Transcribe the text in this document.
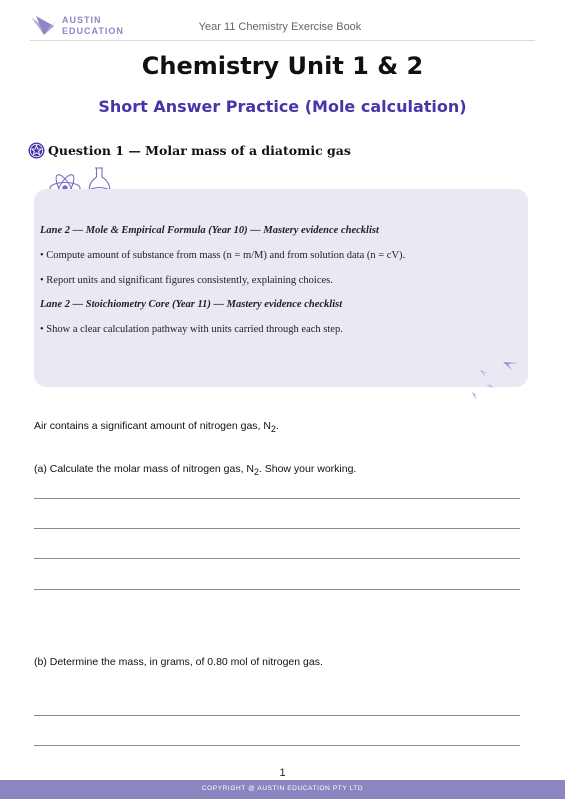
AUSTIN
EDUCATION	Year 11 Chemistry Exercise Book
Chemistry Unit 1 & 2
Short Answer Practice (Mole calculation)
Question 1 — Molar mass of a diatomic gas
Lane 2 — Mole & Empirical Formula (Year 10) — Mastery evidence checklist
• Compute amount of substance from mass (n = m/M) and from solution data (n = cV).
• Report units and significant figures consistently, explaining choices.
Lane 2 — Stoichiometry Core (Year 11) — Mastery evidence checklist
• Show a clear calculation pathway with units carried through each step.
Air contains a significant amount of nitrogen gas, $N_2$.
(a) Calculate the molar mass of nitrogen gas, $N_2$. Show your working.
(b) Determine the mass, in grams, of 0.80 mol of nitrogen gas.
1
COPYRIGHT @ AUSTIN EDUCATION PTY LTD
